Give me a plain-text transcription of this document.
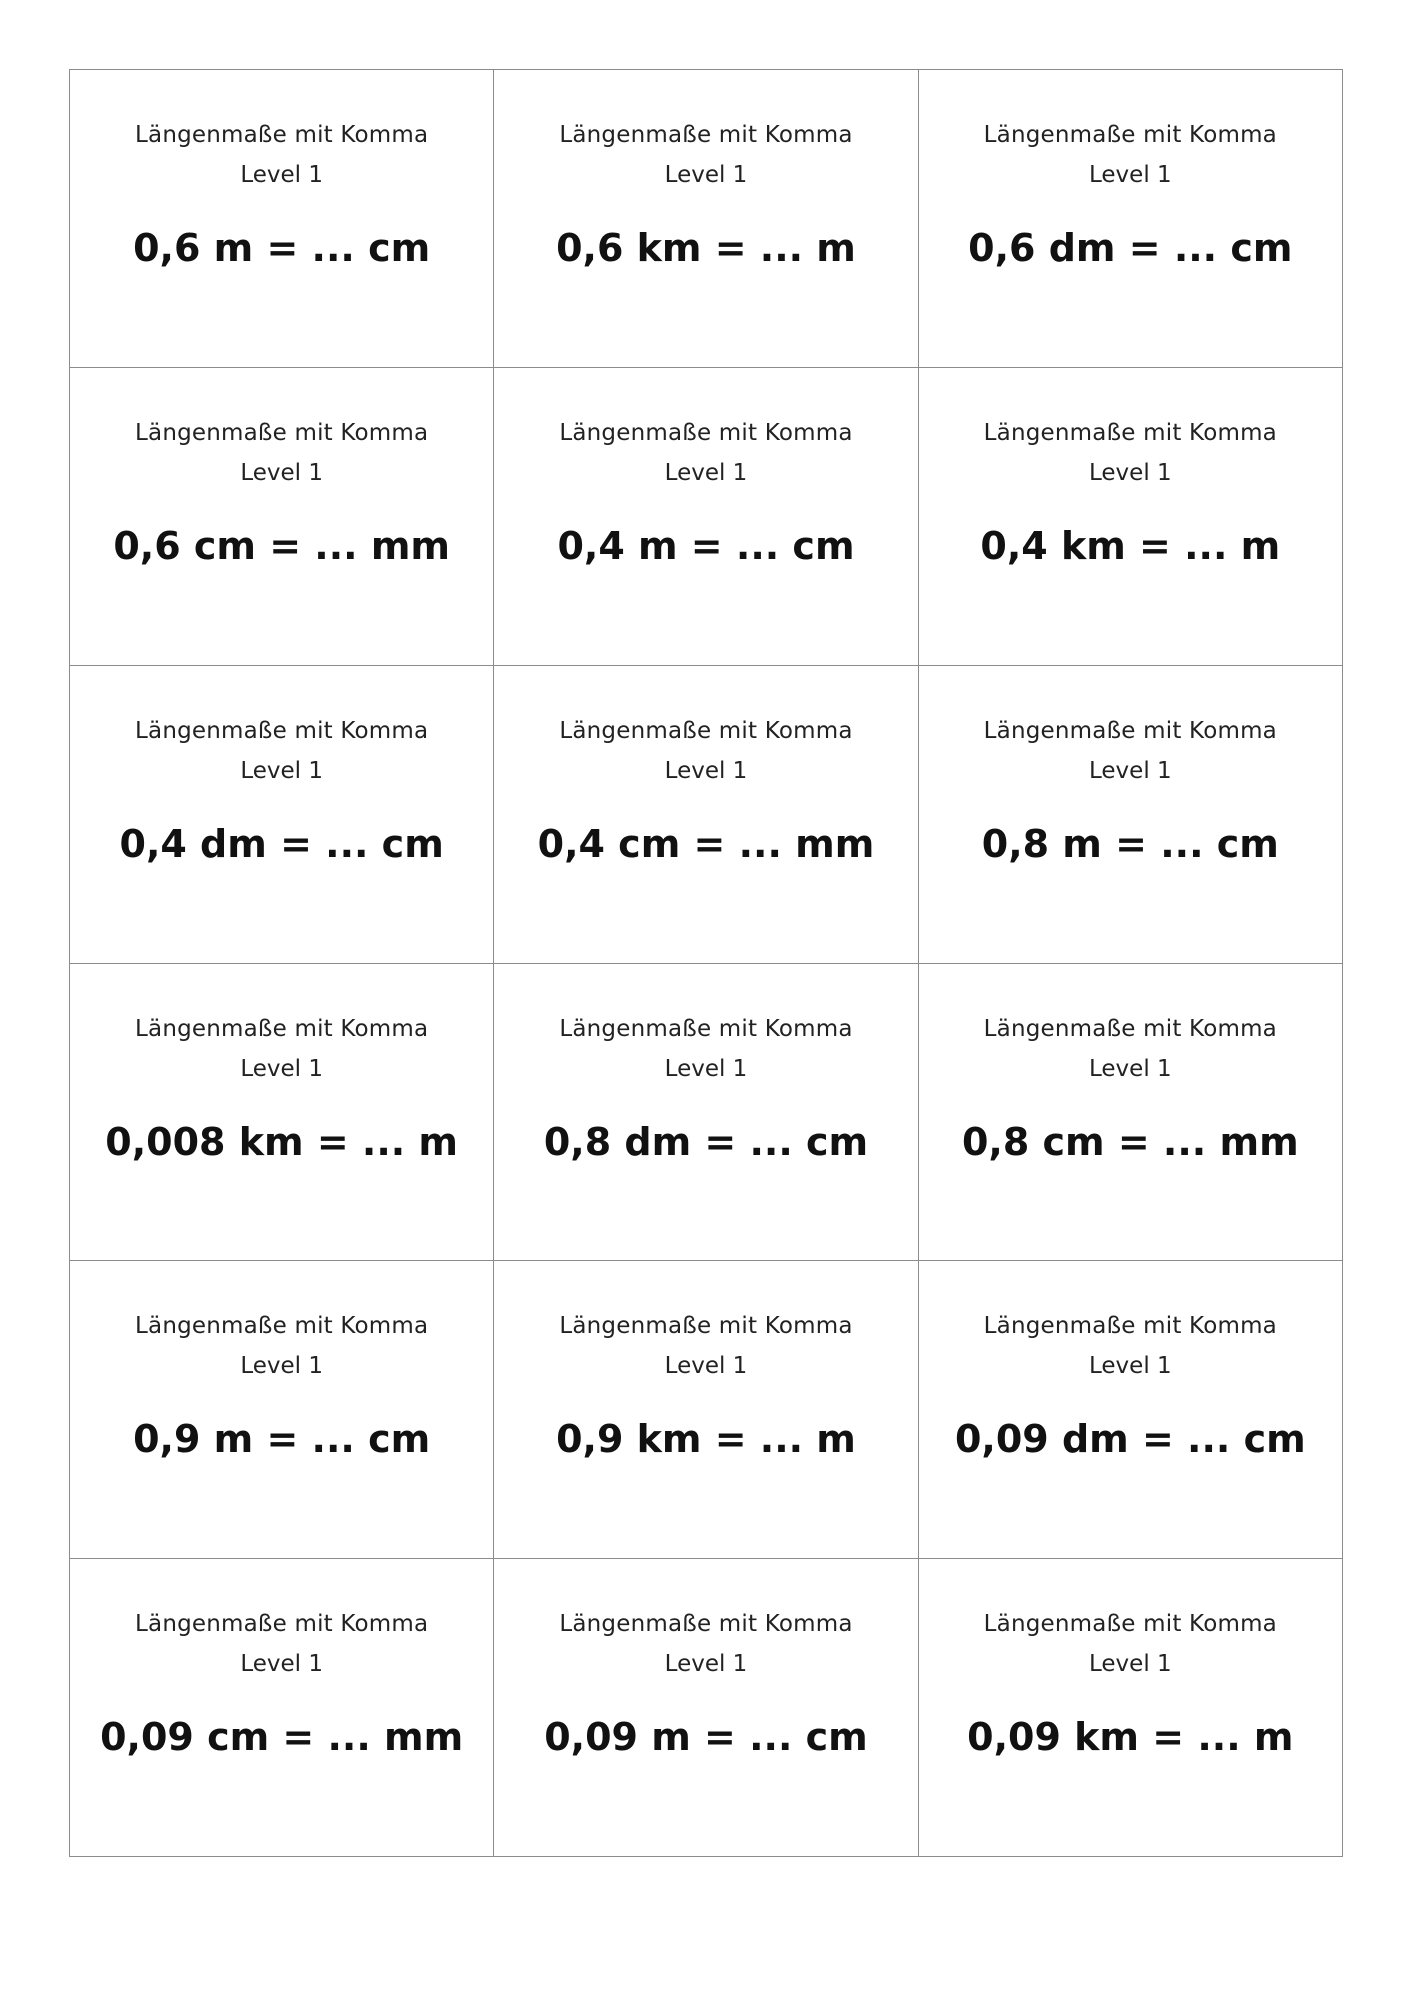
Längenmaße mit Komma
Level 1
0,6 m = ... cm
Längenmaße mit Komma
Level 1
0,6 km = ... m
Längenmaße mit Komma
Level 1
0,6 dm = ... cm
Längenmaße mit Komma
Level 1
0,6 cm = ... mm
Längenmaße mit Komma
Level 1
0,4 m = ... cm
Längenmaße mit Komma
Level 1
0,4 km = ... m
Längenmaße mit Komma
Level 1
0,4 dm = ... cm
Längenmaße mit Komma
Level 1
0,4 cm = ... mm
Längenmaße mit Komma
Level 1
0,8 m = ... cm
Längenmaße mit Komma
Level 1
0,008 km = ... m
Längenmaße mit Komma
Level 1
0,8 dm = ... cm
Längenmaße mit Komma
Level 1
0,8 cm = ... mm
Längenmaße mit Komma
Level 1
0,9 m = ... cm
Längenmaße mit Komma
Level 1
0,9 km = ... m
Längenmaße mit Komma
Level 1
0,09 dm = ... cm
Längenmaße mit Komma
Level 1
0,09 cm = ... mm
Längenmaße mit Komma
Level 1
0,09 m = ... cm
Längenmaße mit Komma
Level 1
0,09 km = ... m
